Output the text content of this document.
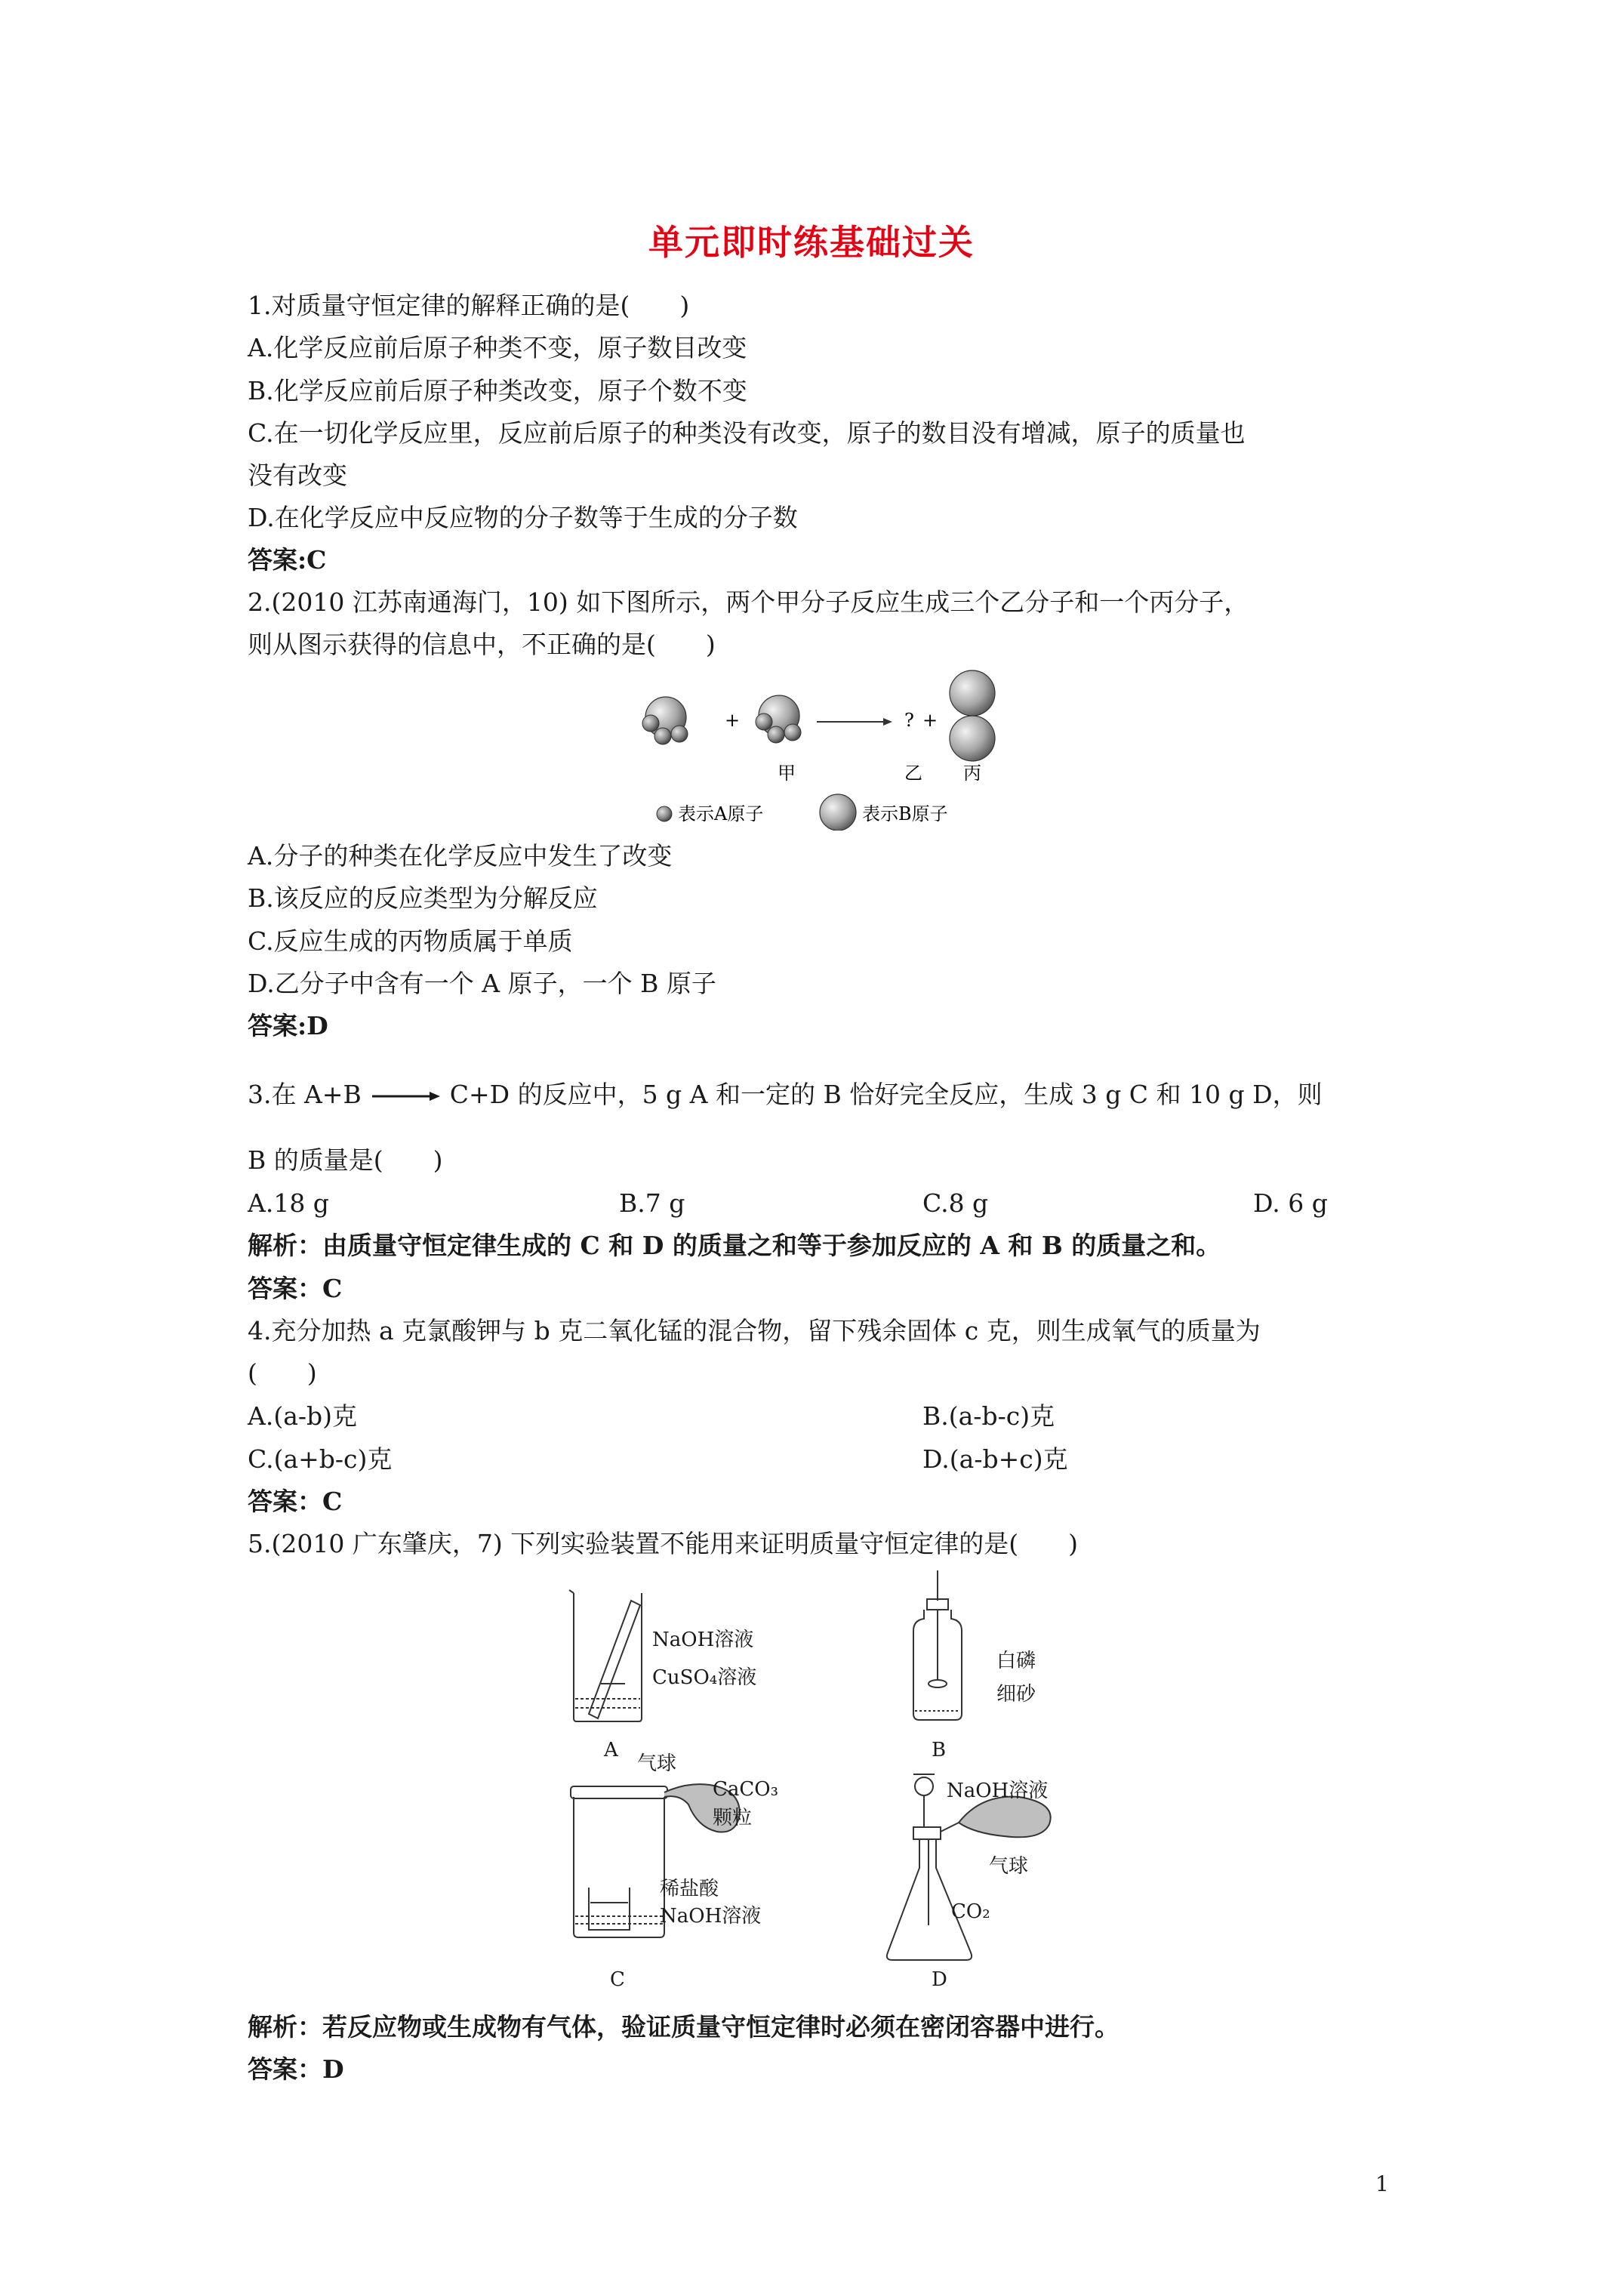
单元即时练基础过关
1.对质量守恒定律的解释正确的是(　　)
A.化学反应前后原子种类不变，原子数目改变
B.化学反应前后原子种类改变，原子个数不变
C.在一切化学反应里，反应前后原子的种类没有改变，原子的数目没有增减，原子的质量也
没有改变
D.在化学反应中反应物的分子数等于生成的分子数
答案:C
2.(2010 江苏南通海门，10) 如下图所示，两个甲分子反应生成三个乙分子和一个丙分子，
则从图示获得的信息中，不正确的是(　　)
+	? +
甲	乙 丙
表示A原子	表示B原子
A.分子的种类在化学反应中发生了改变
B.该反应的反应类型为分解反应
C.反应生成的丙物质属于单质
D.乙分子中含有一个 A 原子，一个 B 原子
答案:D
3.在 A+B → C+D 的反应中，5 g A 和一定的 B 恰好完全反应，生成 3 g C 和 10 g D，则
B 的质量是(　　)
A.18 g	B.7 g	C.8 g	D. 6 g
解析：由质量守恒定律生成的 C 和 D 的质量之和等于参加反应的 A 和 B 的质量之和。
答案：C
4.充分加热 a 克氯酸钾与 b 克二氧化锰的混合物，留下残余固体 c 克，则生成氧气的质量为
(　　)
A.(a-b)克	B.(a-b-c)克
C.(a+b-c)克	D.(a-b+c)克
答案：C
5.(2010 广东肇庆，7) 下列实验装置不能用来证明质量守恒定律的是(　　)
NaOH溶液
CuSO₄溶液
A
白磷
细砂
B
气球
CaCO₃
颗粒
稀盐酸
NaOH溶液
C
NaOH溶液
气球
CO₂
D
解析：若反应物或生成物有气体，验证质量守恒定律时必须在密闭容器中进行。
答案：D
1
